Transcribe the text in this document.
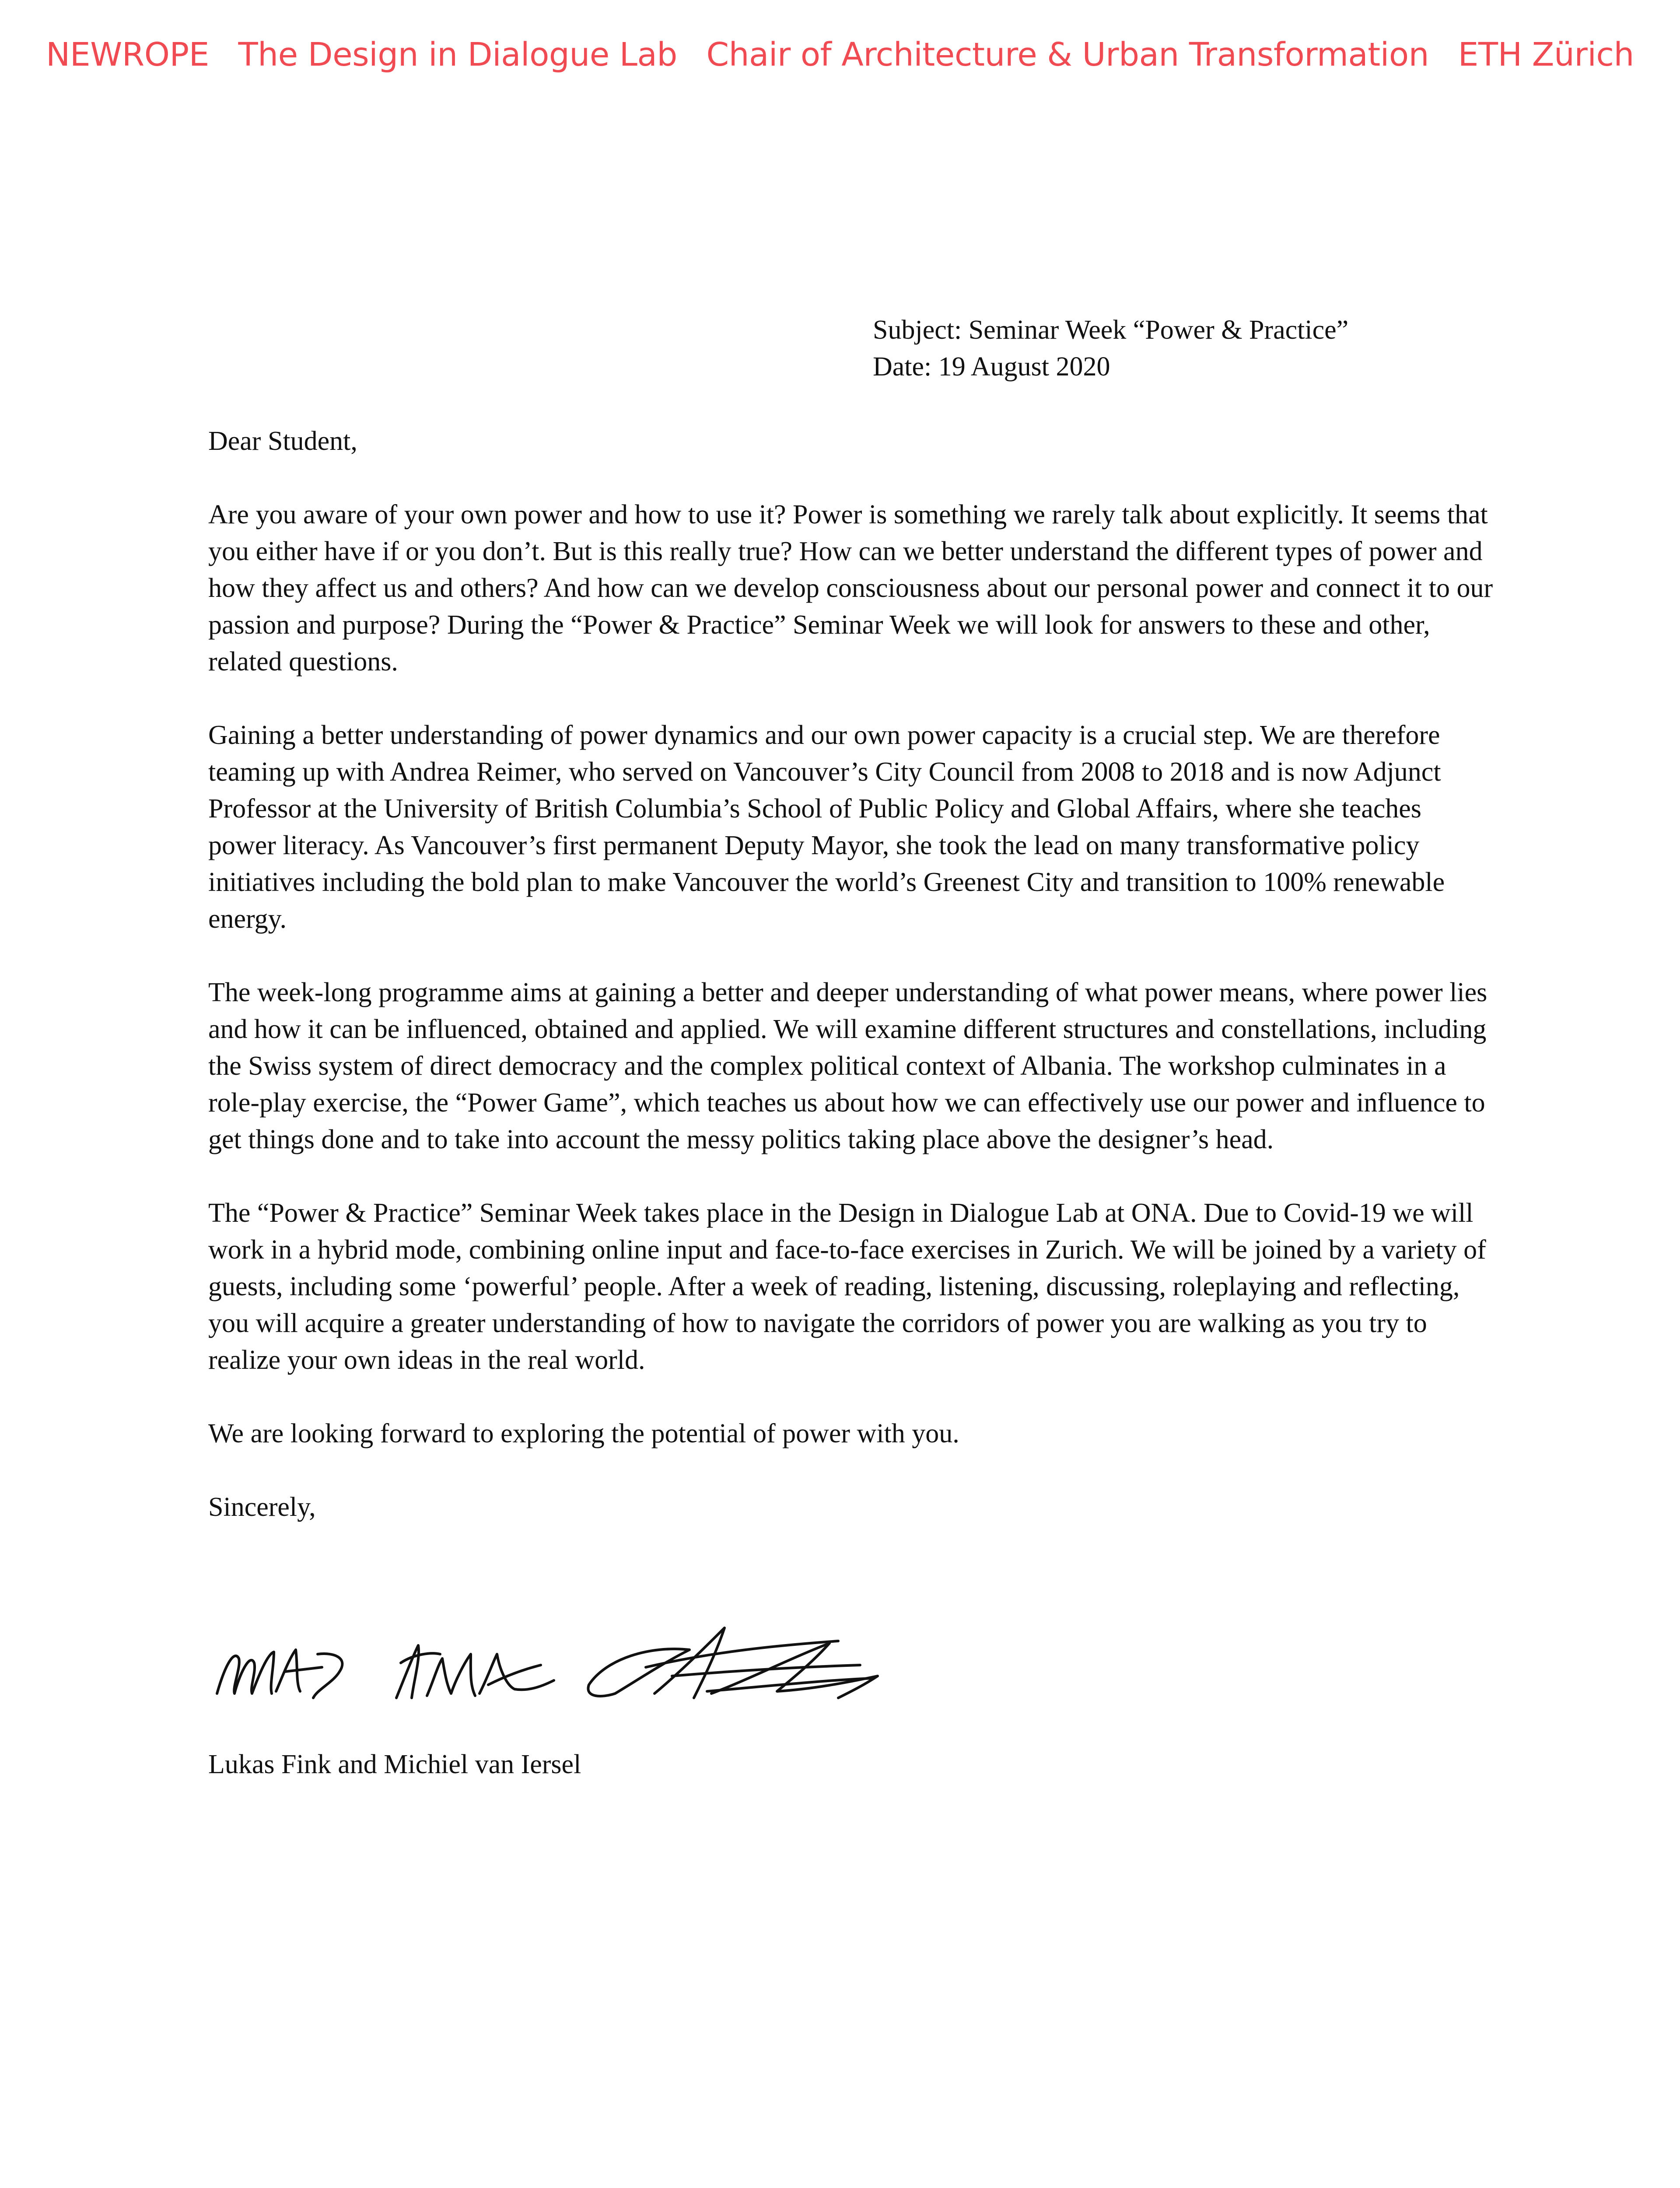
NEWROPE The Design in Dialogue Lab Chair of Architecture & Urban Transformation ETH Zürich
Subject: Seminar Week “Power & Practice”
Date: 19 August 2020

Dear Student,

Are you aware of your own power and how to use it? Power is something we rarely talk about explicitly. It seems that you either have if or you don’t. But is this really true? How can we better understand the different types of power and how they affect us and others? And how can we develop consciousness about our personal power and connect it to our passion and purpose? During the “Power & Practice” Seminar Week we will look for answers to these and other, related questions.

Gaining a better understanding of power dynamics and our own power capacity is a crucial step. We are therefore teaming up with Andrea Reimer, who served on Vancouver’s City Council from 2008 to 2018 and is now Adjunct Professor at the University of British Columbia’s School of Public Policy and Global Affairs, where she teaches power literacy. As Vancouver’s first permanent Deputy Mayor, she took the lead on many transformative policy initiatives including the bold plan to make Vancouver the world’s Greenest City and transition to 100% renewable energy.

The week-long programme aims at gaining a better and deeper understanding of what power means, where power lies and how it can be influenced, obtained and applied. We will examine different structures and constellations, including the Swiss system of direct democracy and the complex political context of Albania. The workshop culminates in a role-play exercise, the “Power Game”, which teaches us about how we can effectively use our power and influence to get things done and to take into account the messy politics taking place above the designer’s head.

The “Power & Practice” Seminar Week takes place in the Design in Dialogue Lab at ONA. Due to Covid-19 we will work in a hybrid mode, combining online input and face-to-face exercises in Zurich. We will be joined by a variety of guests, including some ‘powerful’ people. After a week of reading, listening, discussing, roleplaying and reflecting, you will acquire a greater understanding of how to navigate the corridors of power you are walking as you try to realize your own ideas in the real world.

We are looking forward to exploring the potential of power with you.

Sincerely,

Lukas Fink and Michiel van Iersel
